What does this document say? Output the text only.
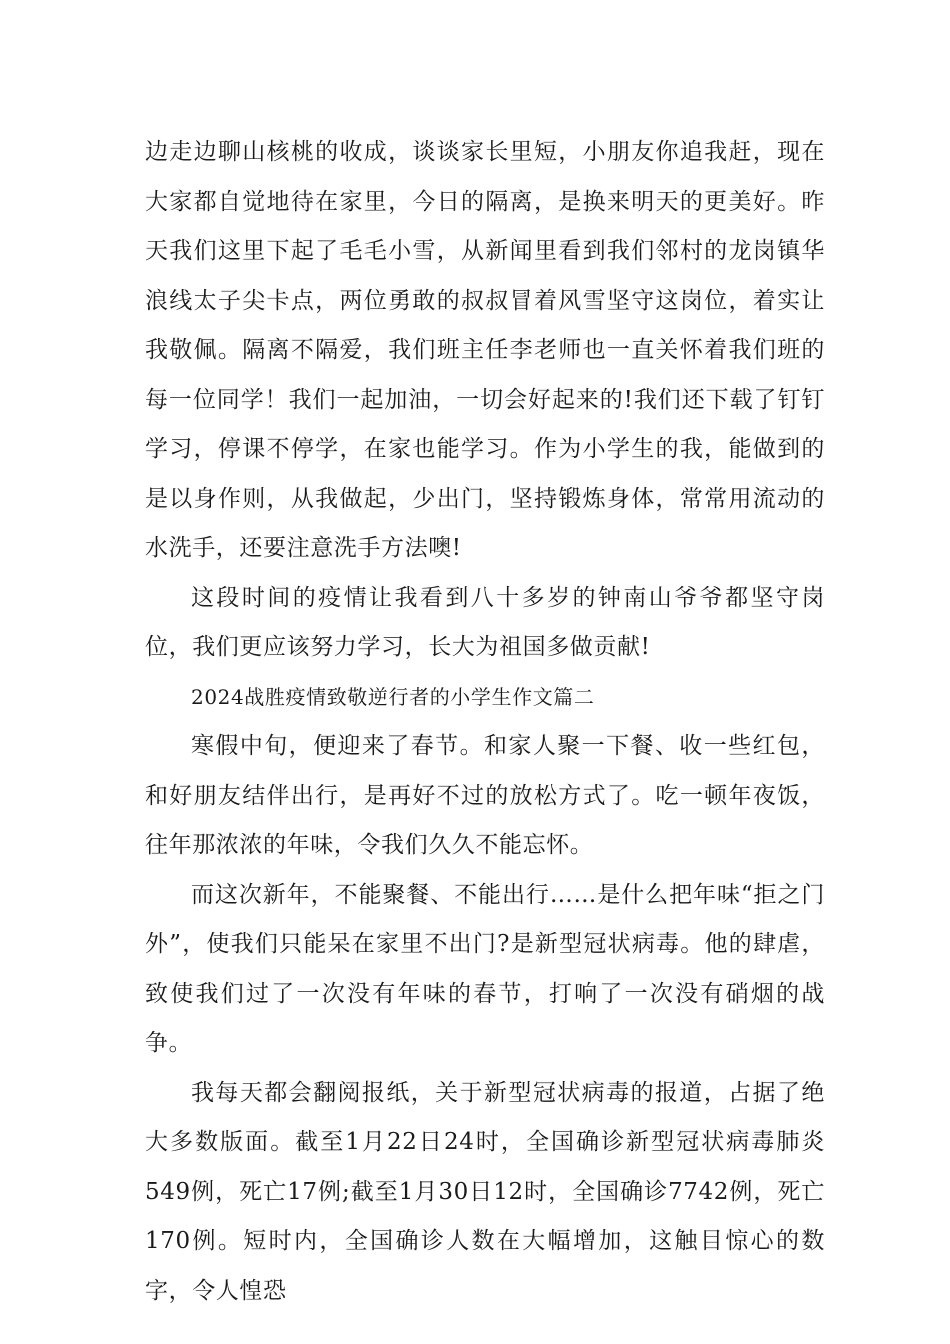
边走边聊山核桃的收成，谈谈家长里短，小朋友你追我赶，现在大家都自觉地待在家里，今日的隔离，是换来明天的更美好。昨天我们这里下起了毛毛小雪，从新闻里看到我们邻村的龙岗镇华浪线太子尖卡点，两位勇敢的叔叔冒着风雪坚守这岗位，着实让我敬佩。隔离不隔爱，我们班主任李老师也一直关怀着我们班的每一位同学！我们一起加油，一切会好起来的!我们还下载了钉钉学习，停课不停学，在家也能学习。作为小学生的我，能做到的是以身作则，从我做起，少出门，坚持锻炼身体，常常用流动的水洗手，还要注意洗手方法噢!

这段时间的疫情让我看到八十多岁的钟南山爷爷都坚守岗位，我们更应该努力学习，长大为祖国多做贡献!

2024战胜疫情致敬逆行者的小学生作文篇二

寒假中旬，便迎来了春节。和家人聚一下餐、收一些红包，和好朋友结伴出行，是再好不过的放松方式了。吃一顿年夜饭，往年那浓浓的年味，令我们久久不能忘怀。

而这次新年，不能聚餐、不能出行……是什么把年味“拒之门外”，使我们只能呆在家里不出门?是新型冠状病毒。他的肆虐，致使我们过了一次没有年味的春节，打响了一次没有硝烟的战争。

我每天都会翻阅报纸，关于新型冠状病毒的报道，占据了绝大多数版面。截至1月22日24时，全国确诊新型冠状病毒肺炎549例，死亡17例;截至1月30日12时，全国确诊7742例，死亡170例。短时内，全国确诊人数在大幅增加，这触目惊心的数字，令人惶恐
